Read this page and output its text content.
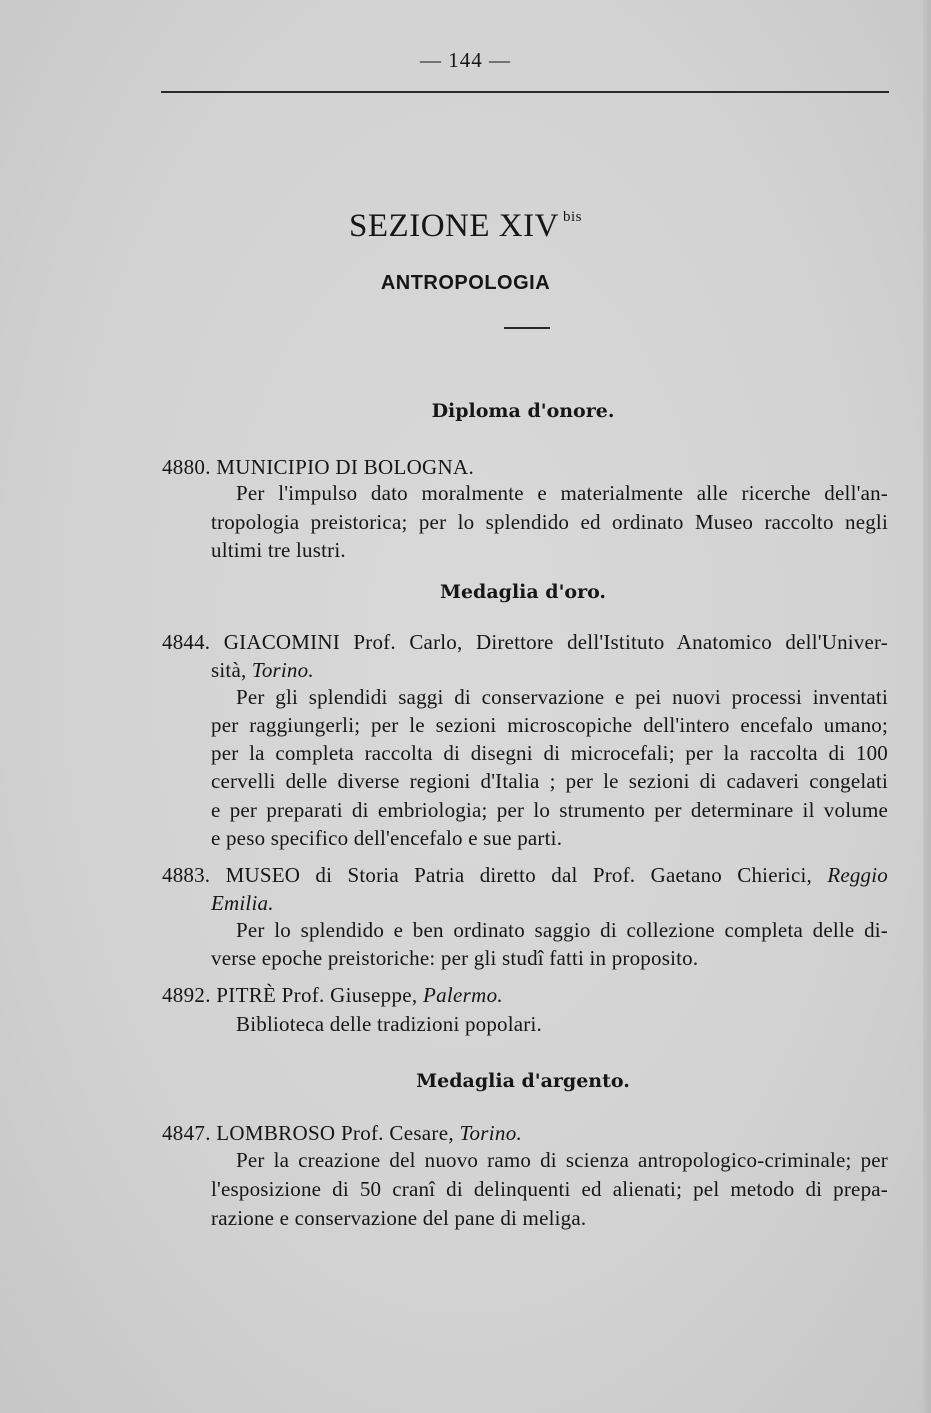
— 144 —
SEZIONE XIV $^{bis}$
ANTROPOLOGIA
Diploma d'onore.
4880. MUNICIPIO DI BOLOGNA.
Per l'impulso dato moralmente e materialmente alle ricerche dell'an-
tropologia preistorica; per lo splendido ed ordinato Museo raccolto negli
ultimi tre lustri.
Medaglia d'oro.
4844. GIACOMINI Prof. Carlo, Direttore dell'Istituto Anatomico dell'Univer-
sità, Torino.
Per gli splendidi saggi di conservazione e pei nuovi processi inventati
per raggiungerli; per le sezioni microscopiche dell'intero encefalo umano;
per la completa raccolta di disegni di microcefali; per la raccolta di 100
cervelli delle diverse regioni d'Italia ; per le sezioni di cadaveri congelati
e per preparati di embriologia; per lo strumento per determinare il volume
e peso specifico dell'encefalo e sue parti.
4883. MUSEO di Storia Patria diretto dal Prof. Gaetano Chierici, Reggio
Emilia.
Per lo splendido e ben ordinato saggio di collezione completa delle di-
verse epoche preistoriche: per gli studî fatti in proposito.
4892. PITRÈ Prof. Giuseppe, Palermo.
Biblioteca delle tradizioni popolari.
Medaglia d'argento.
4847. LOMBROSO Prof. Cesare, Torino.
Per la creazione del nuovo ramo di scienza antropologico-criminale; per
l'esposizione di 50 cranî di delinquenti ed alienati; pel metodo di prepa-
razione e conservazione del pane di meliga.
